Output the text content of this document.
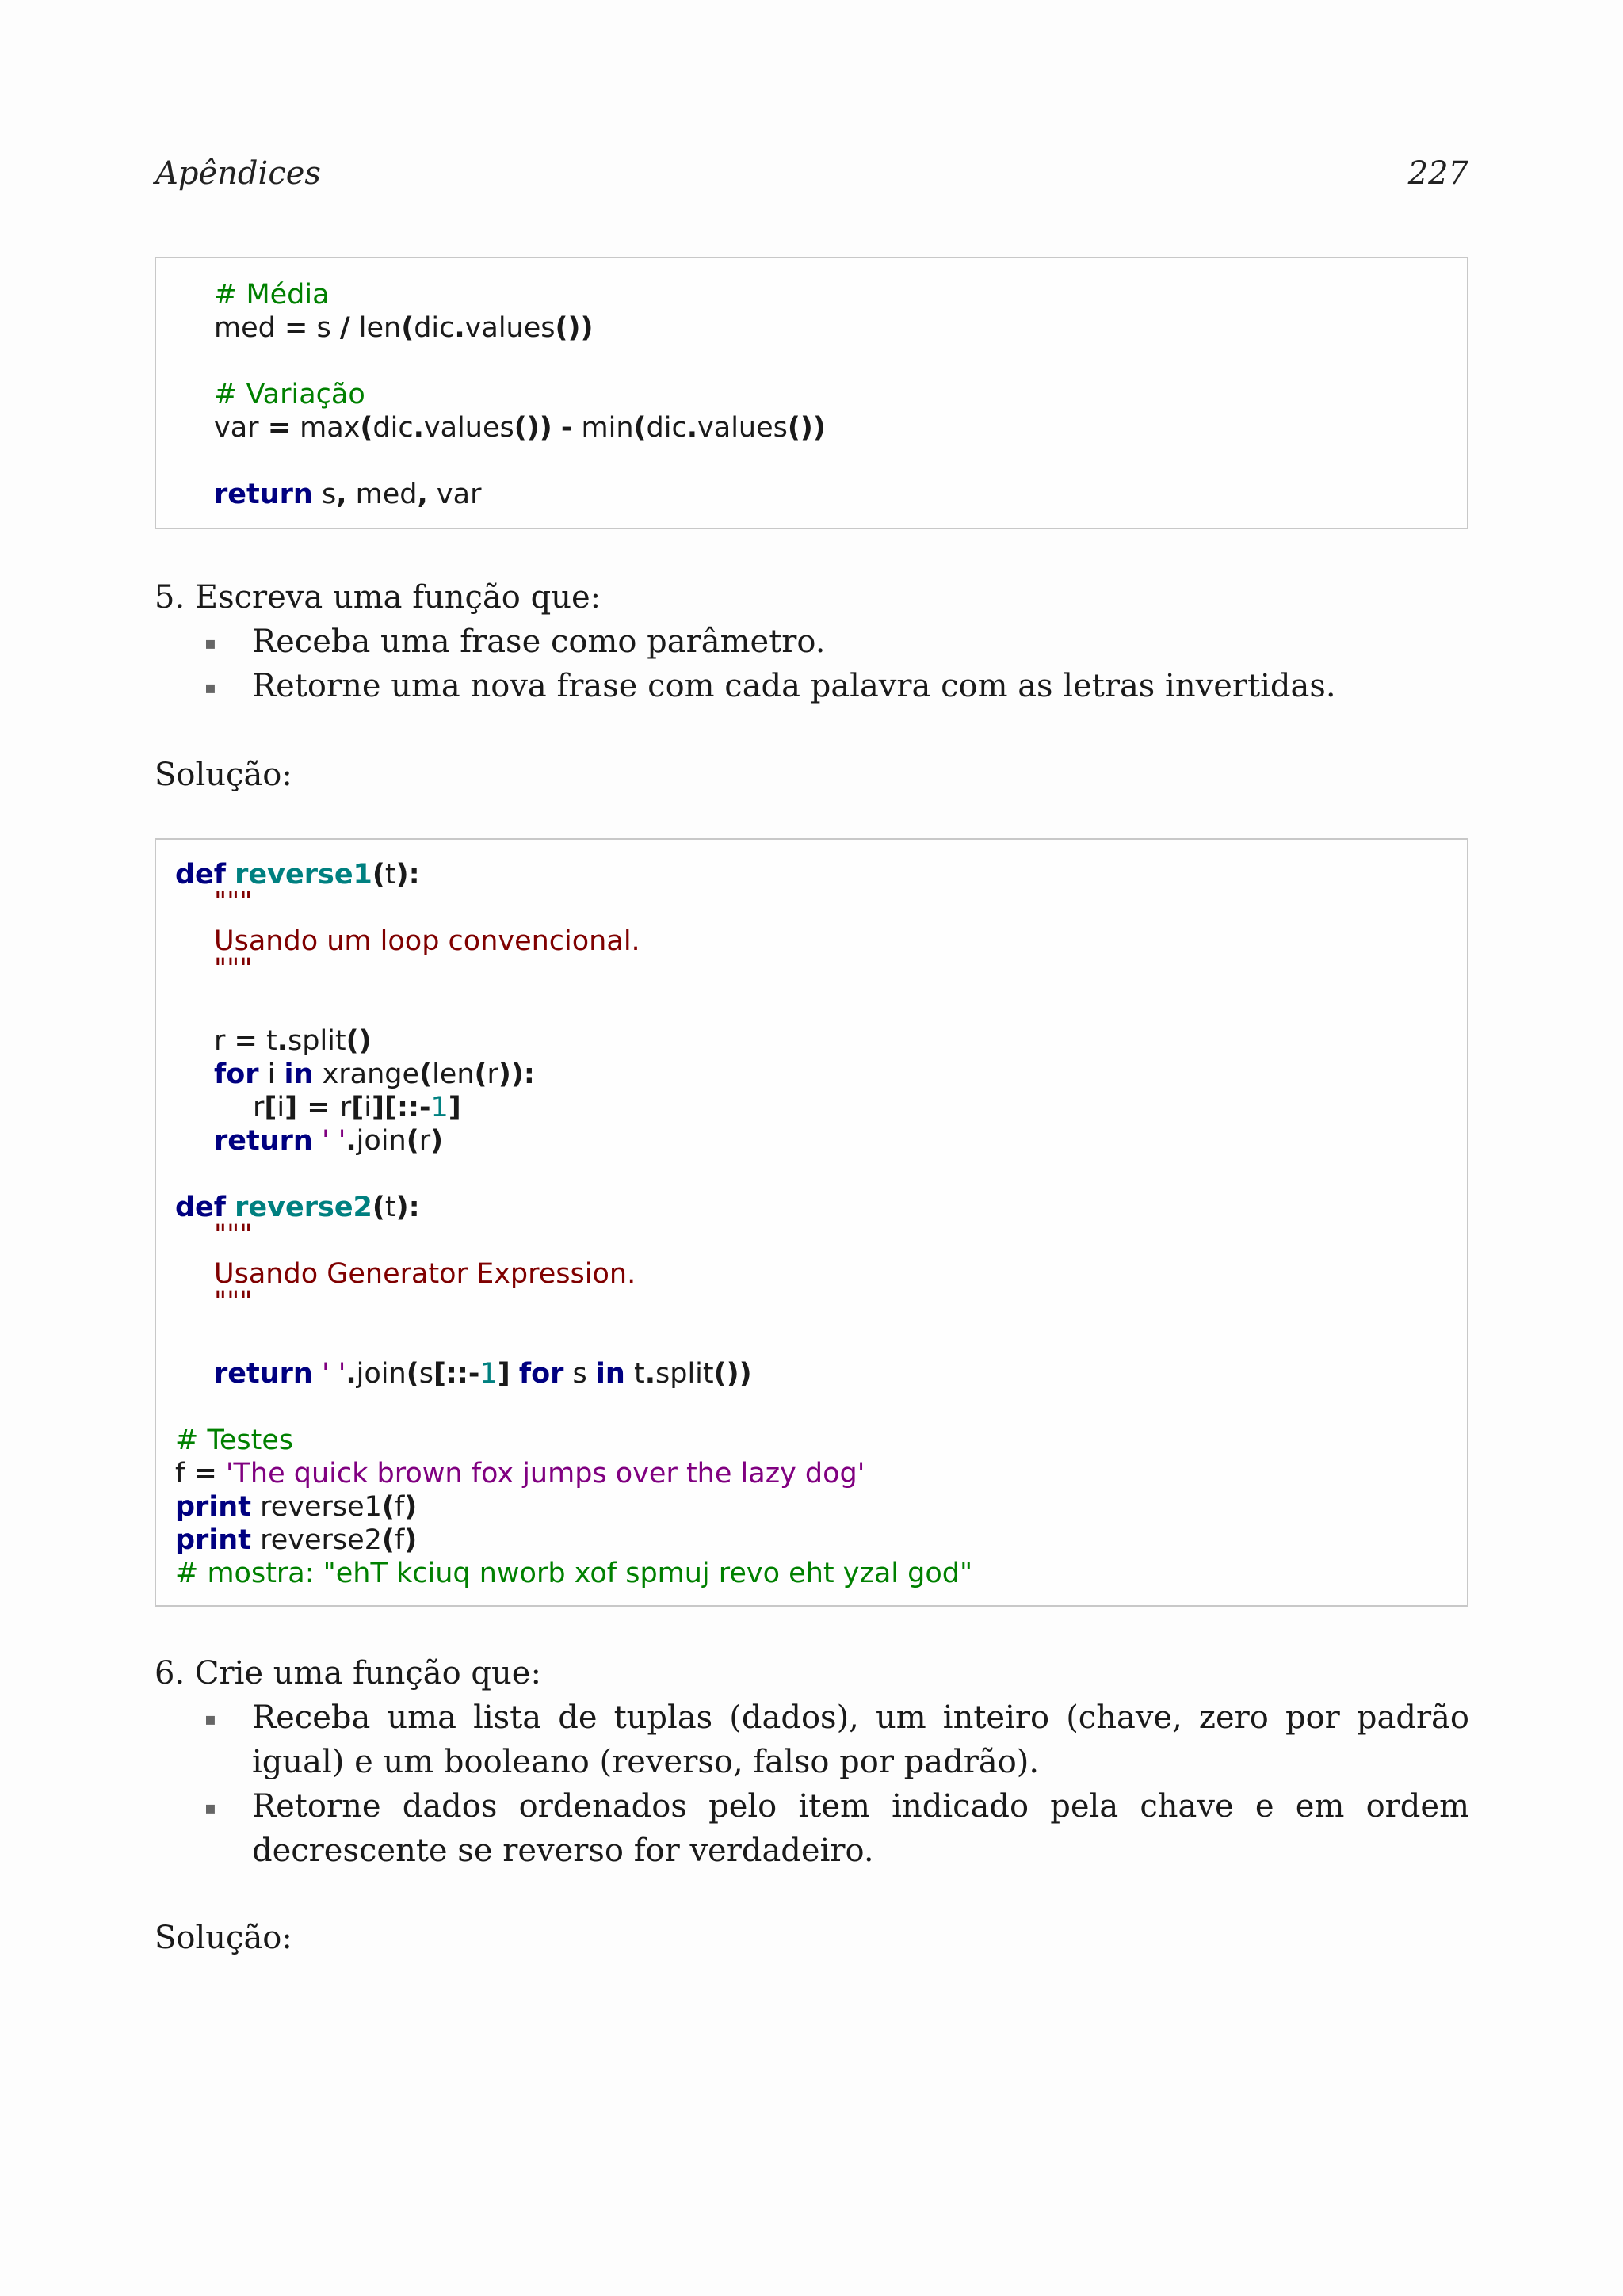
Apêndices	227
# Média
med = s / len(dic.values())
# Variação
var = max(dic.values()) - min(dic.values())
return s, med, var
5. Escreva uma função que:
▪ Receba uma frase como parâmetro.
▪ Retorne uma nova frase com cada palavra com as letras invertidas.
Solução:
def reverse1(t):
"""
Usando um loop convencional.
"""
r = t.split()
for i in xrange(len(r)):
r[i] = r[i][::-1]
return ' '.join(r)
def reverse2(t):
"""
Usando Generator Expression.
"""
return ' '.join(s[::-1] for s in t.split())
# Testes
f = 'The quick brown fox jumps over the lazy dog'
print reverse1(f)
print reverse2(f)
# mostra: "ehT kciuq nworb xof spmuj revo eht yzal god"
6. Crie uma função que:
▪ Receba uma lista de tuplas (dados), um inteiro (chave, zero por padrão igual) e um booleano (reverso, falso por padrão).
▪ Retorne dados ordenados pelo item indicado pela chave e em ordem decrescente se reverso for verdadeiro.
Solução:
